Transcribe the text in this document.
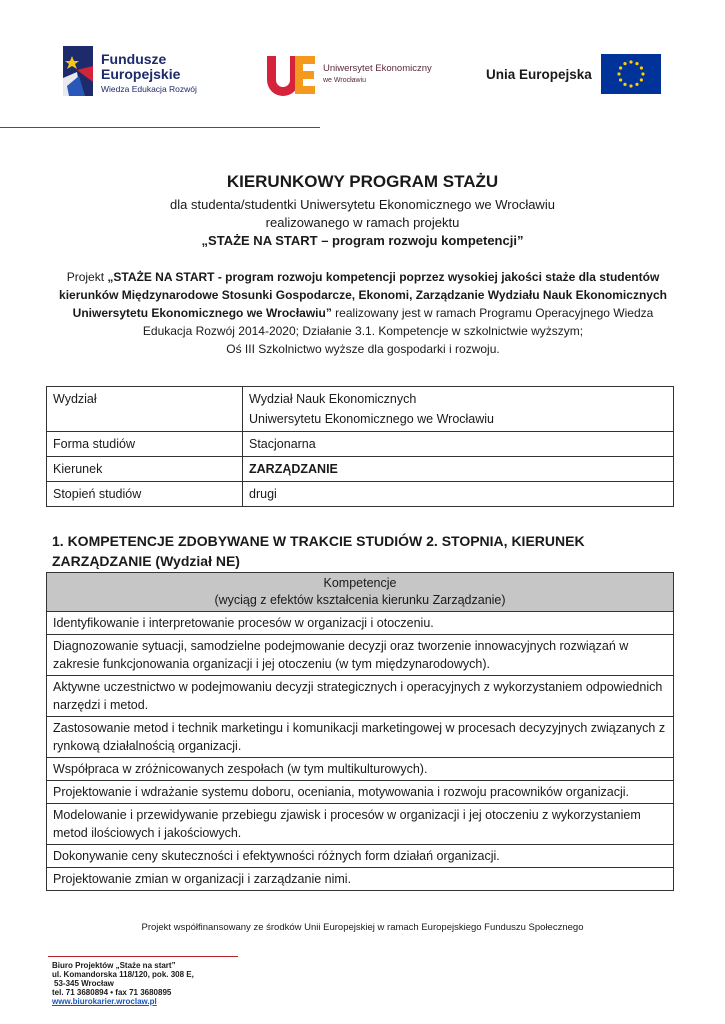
Fundusze
Europejskie
Wiedza Edukacja Rozwój
Uniwersytet Ekonomiczny
we Wrocławiu	Unia Europejska
KIERUNKOWY PROGRAM STAŻU
dla studenta/studentki Uniwersytetu Ekonomicznego we Wrocławiu
realizowanego w ramach projektu
„STAŻE NA START – program rozwoju kompetencji”
Projekt „STAŻE NA START - program rozwoju kompetencji poprzez wysokiej jakości staże dla studentów kierunków Międzynarodowe Stosunki Gospodarcze, Ekonomi, Zarządzanie Wydziału Nauk Ekonomicznych Uniwersytetu Ekonomicznego we Wrocławiu” realizowany jest w ramach Programu Operacyjnego Wiedza Edukacja Rozwój 2014-2020; Działanie 3.1. Kompetencje w szkolnictwie wyższym;
Oś III Szkolnictwo wyższe dla gospodarki i rozwoju.
Wydział	Wydział Nauk Ekonomicznych
Uniwersytetu Ekonomicznego we Wrocławiu
Forma studiów	Stacjonarna
Kierunek	ZARZĄDZANIE
Stopień studiów	drugi
1. KOMPETENCJE ZDOBYWANE W TRAKCIE STUDIÓW 2. STOPNIA, KIERUNEK ZARZĄDZANIE (Wydział NE)
Kompetencje
(wyciąg z efektów kształcenia kierunku Zarządzanie)
Identyfikowanie i interpretowanie procesów w organizacji i otoczeniu.
Diagnozowanie sytuacji, samodzielne podejmowanie decyzji oraz tworzenie innowacyjnych rozwiązań w zakresie funkcjonowania organizacji i jej otoczeniu (w tym międzynarodowych).
Aktywne uczestnictwo w podejmowaniu decyzji strategicznych i operacyjnych z wykorzystaniem odpowiednich narzędzi i metod.
Zastosowanie metod i technik marketingu i komunikacji marketingowej w procesach decyzyjnych związanych z rynkową działalnością organizacji.
Współpraca w zróżnicowanych zespołach (w tym multikulturowych).
Projektowanie i wdrażanie systemu doboru, oceniania, motywowania i rozwoju pracowników organizacji.
Modelowanie i przewidywanie przebiegu zjawisk i procesów w organizacji i jej otoczeniu z wykorzystaniem metod ilościowych i jakościowych.
Dokonywanie ceny skuteczności i efektywności różnych form działań organizacji.
Projektowanie zmian w organizacji i zarządzanie nimi.
Projekt współfinansowany ze środków Unii Europejskiej w ramach Europejskiego Funduszu Społecznego
Biuro Projektów „Staże na start”
ul. Komandorska 118/120, pok. 308 E,
53-345 Wrocław
tel. 71 3680894 • fax 71 3680895
www.biurokarier.wroclaw.pl
